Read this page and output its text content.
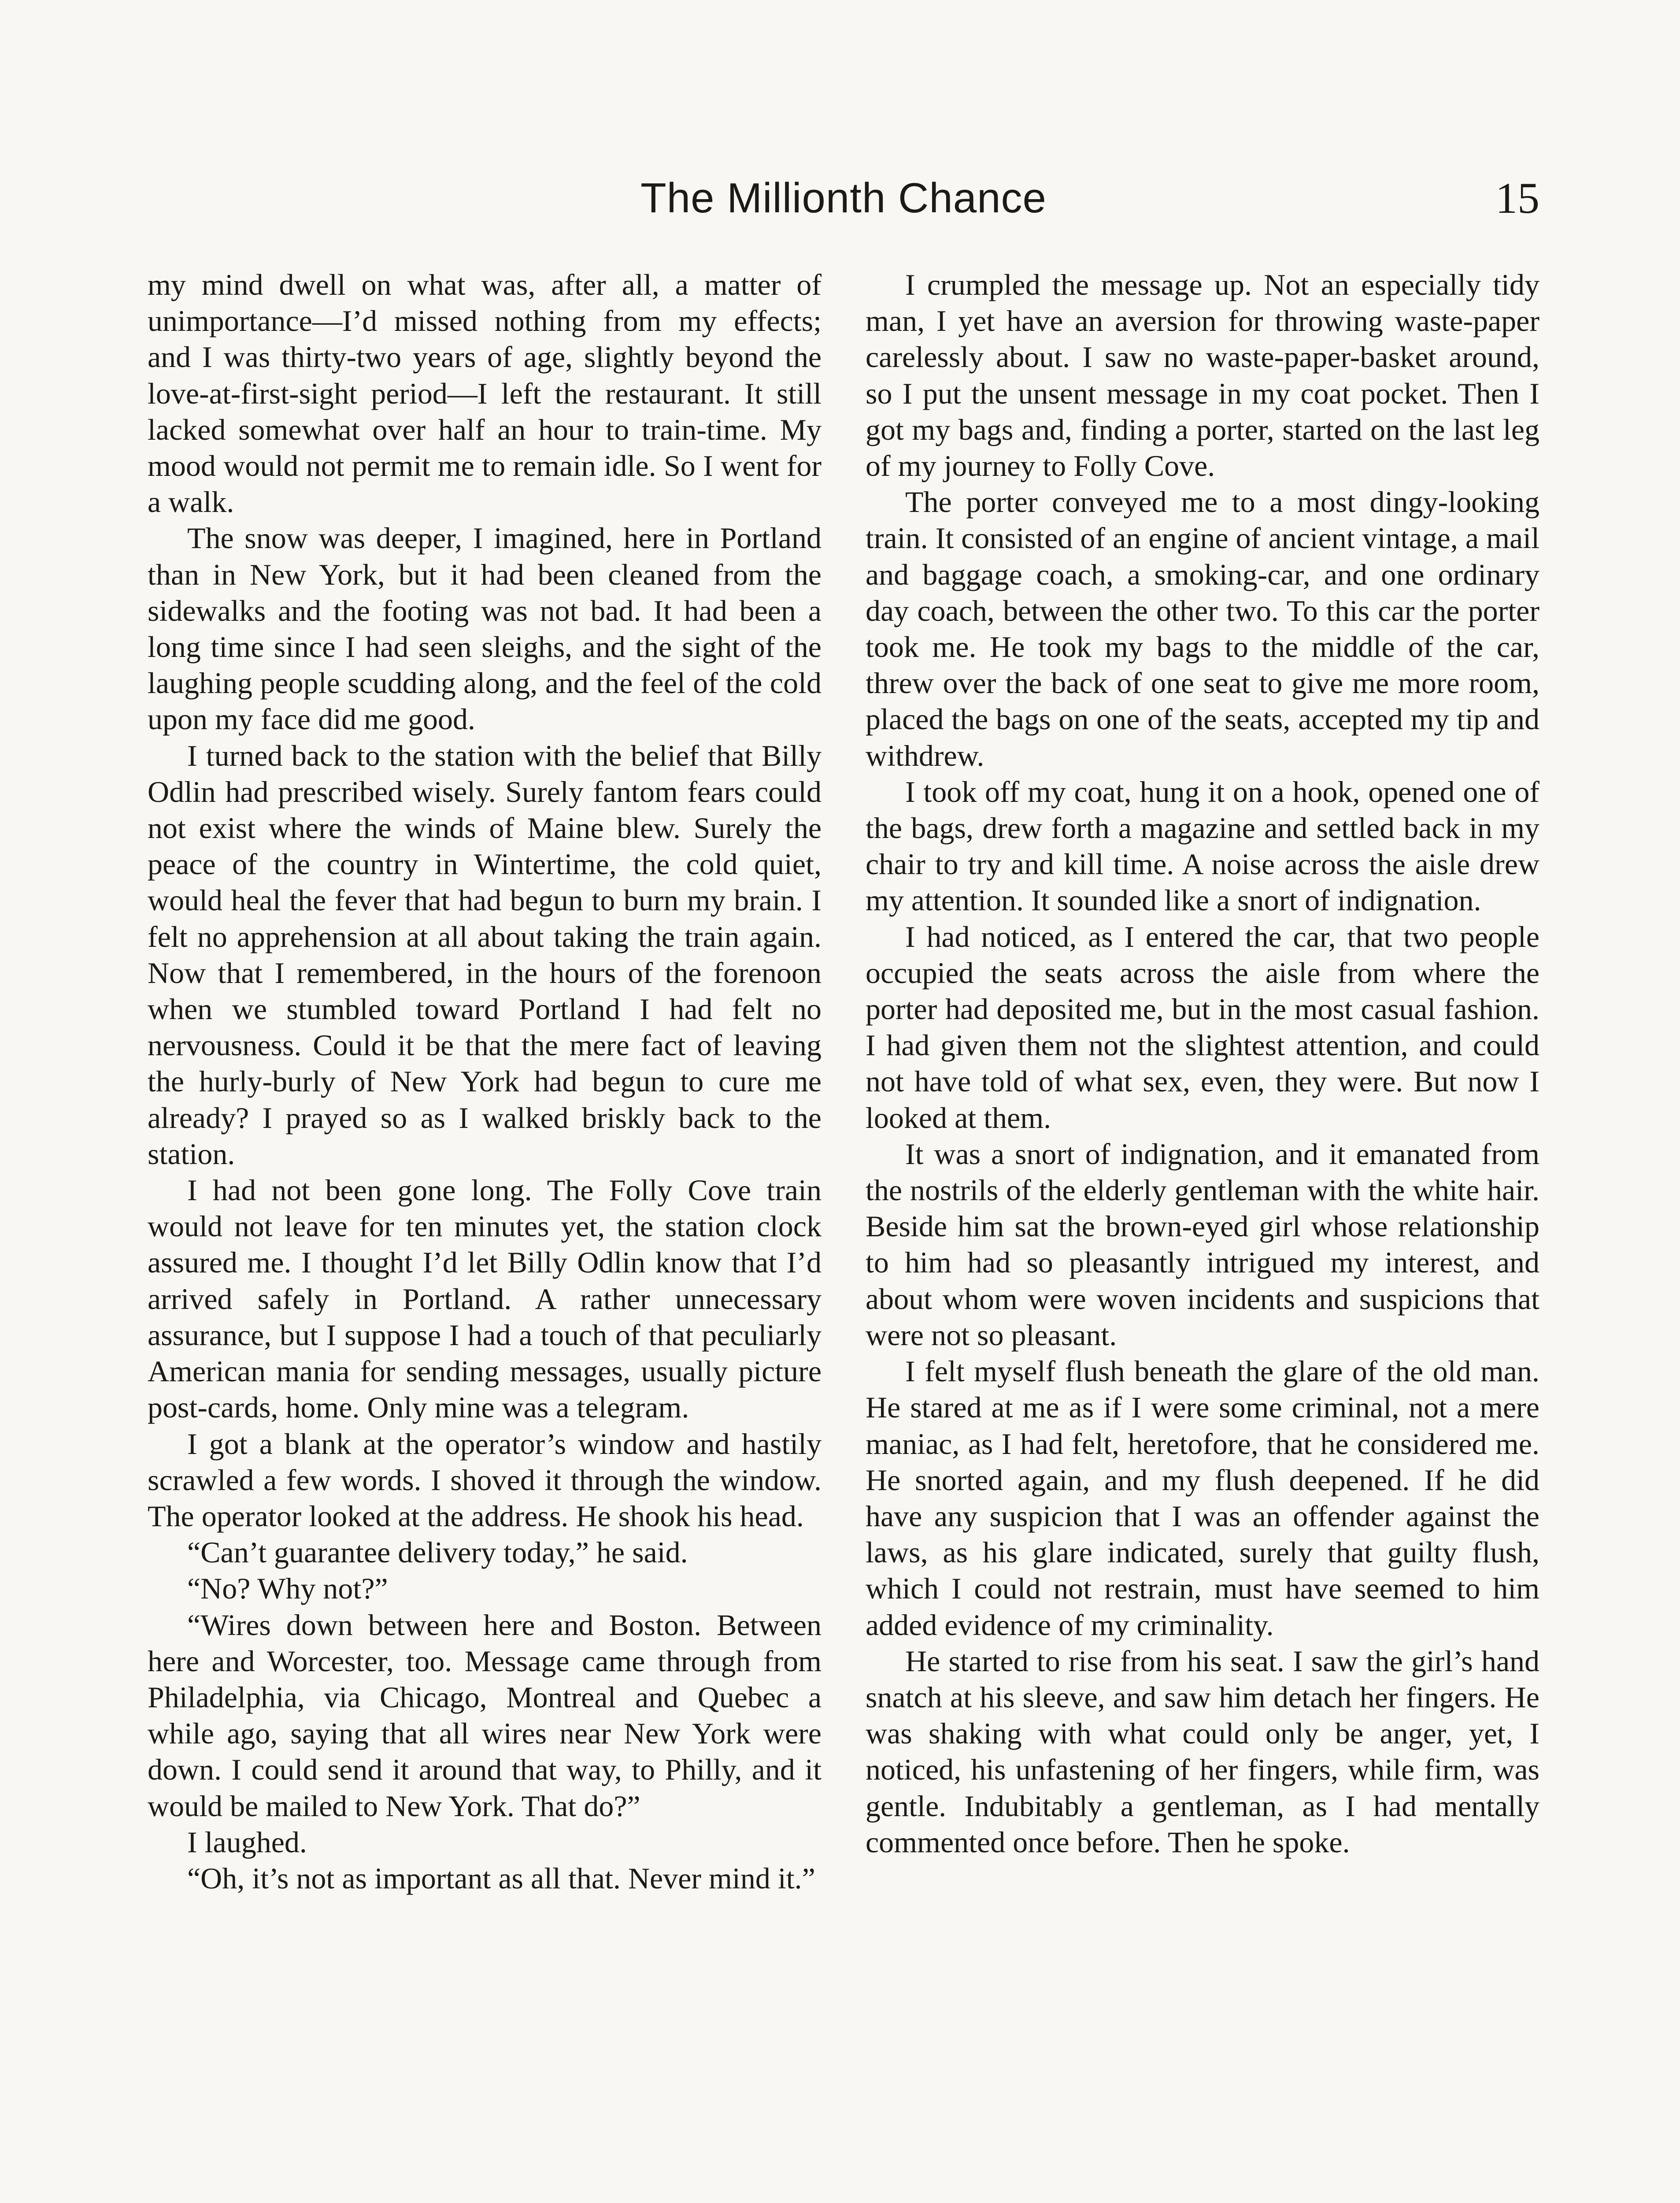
The Millionth Chance	15

my mind dwell on what was, after all, a matter of unimportance—I’d missed nothing from my effects; and I was thirty-two years of age, slightly beyond the love-at-first-sight period—I left the restaurant. It still lacked somewhat over half an hour to train-time. My mood would not permit me to remain idle. So I went for a walk.

The snow was deeper, I imagined, here in Portland than in New York, but it had been cleaned from the sidewalks and the footing was not bad. It had been a long time since I had seen sleighs, and the sight of the laughing people scudding along, and the feel of the cold upon my face did me good.

I turned back to the station with the belief that Billy Odlin had prescribed wisely. Surely fantom fears could not exist where the winds of Maine blew. Surely the peace of the country in Wintertime, the cold quiet, would heal the fever that had begun to burn my brain. I felt no apprehension at all about taking the train again. Now that I remembered, in the hours of the forenoon when we stumbled toward Portland I had felt no nervousness. Could it be that the mere fact of leaving the hurly-burly of New York had begun to cure me already? I prayed so as I walked briskly back to the station.

I had not been gone long. The Folly Cove train would not leave for ten minutes yet, the station clock assured me. I thought I’d let Billy Odlin know that I’d arrived safely in Portland. A rather unnecessary assurance, but I suppose I had a touch of that peculiarly American mania for sending messages, usually picture post-cards, home. Only mine was a telegram.

I got a blank at the operator’s window and hastily scrawled a few words. I shoved it through the window. The operator looked at the address. He shook his head.

“Can’t guarantee delivery today,” he said.

“No? Why not?”

“Wires down between here and Boston. Between here and Worcester, too. Message came through from Philadelphia, via Chicago, Montreal and Quebec a while ago, saying that all wires near New York were down. I could send it around that way, to Philly, and it would be mailed to New York. That do?”

I laughed.

“Oh, it’s not as important as all that. Never mind it.”

I crumpled the message up. Not an especially tidy man, I yet have an aversion for throwing waste-paper carelessly about. I saw no waste-paper-basket around, so I put the unsent message in my coat pocket. Then I got my bags and, finding a porter, started on the last leg of my journey to Folly Cove.

The porter conveyed me to a most dingy-looking train. It consisted of an engine of ancient vintage, a mail and baggage coach, a smoking-car, and one ordinary day coach, between the other two. To this car the porter took me. He took my bags to the middle of the car, threw over the back of one seat to give me more room, placed the bags on one of the seats, accepted my tip and withdrew.

I took off my coat, hung it on a hook, opened one of the bags, drew forth a magazine and settled back in my chair to try and kill time. A noise across the aisle drew my attention. It sounded like a snort of indignation.

I had noticed, as I entered the car, that two people occupied the seats across the aisle from where the porter had deposited me, but in the most casual fashion. I had given them not the slightest attention, and could not have told of what sex, even, they were. But now I looked at them.

It was a snort of indignation, and it emanated from the nostrils of the elderly gentleman with the white hair. Beside him sat the brown-eyed girl whose relationship to him had so pleasantly intrigued my interest, and about whom were woven incidents and suspicions that were not so pleasant.

I felt myself flush beneath the glare of the old man. He stared at me as if I were some criminal, not a mere maniac, as I had felt, heretofore, that he considered me. He snorted again, and my flush deepened. If he did have any suspicion that I was an offender against the laws, as his glare indicated, surely that guilty flush, which I could not restrain, must have seemed to him added evidence of my criminality.

He started to rise from his seat. I saw the girl’s hand snatch at his sleeve, and saw him detach her fingers. He was shaking with what could only be anger, yet, I noticed, his unfastening of her fingers, while firm, was gentle. Indubitably a gentleman, as I had mentally commented once before. Then he spoke.
